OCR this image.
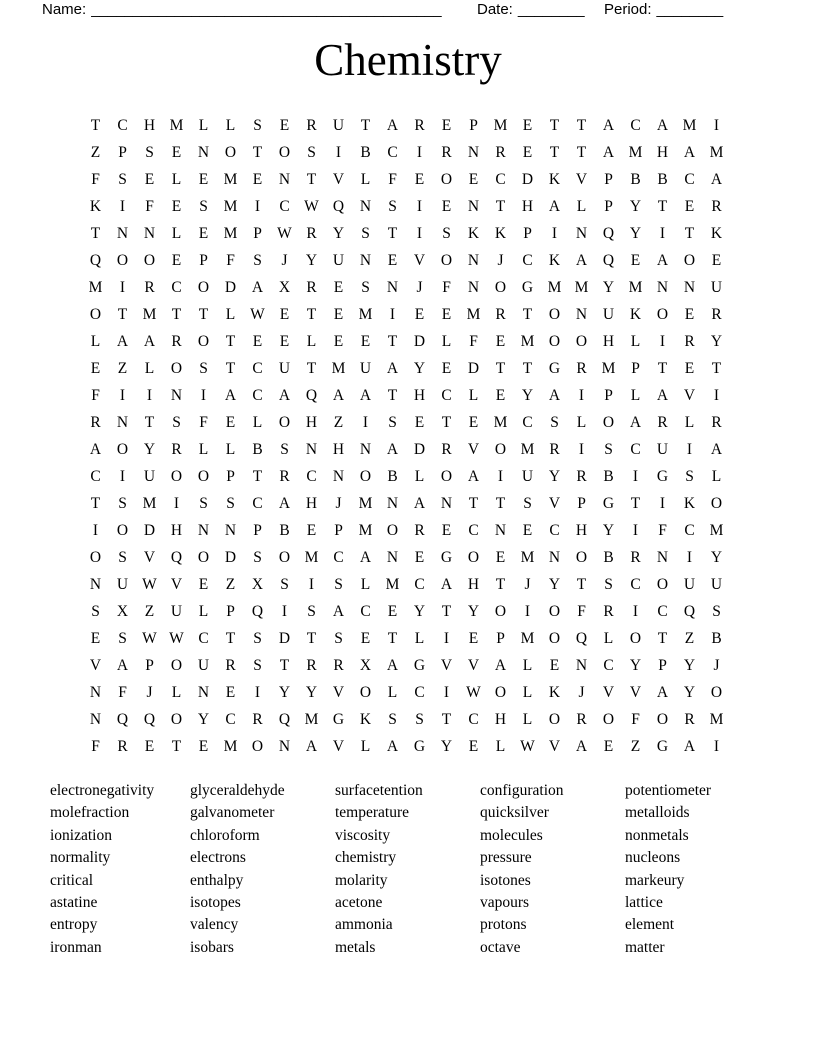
Name: __________________________________________ Date: ________ Period: ________
Chemistry
T	C	H M L	L	S	E	R	U	T	A	R	E	P	M E	T	T	A	C	A M	I
Z	P	S	E	N	O	T	O	S	I	B	C	I	R	N	R	E	T	T	A M H	A M
F	S	E	L	E M E	N	T	V	L	F	E	O	E	C	D	K	V	P	B	B	C	A
K	I	F	E	S	M	I	C W Q	N	S	I	E	N	T	H	A	L	P	Y	T	E	R
T	N	N	L	E M	P W R	Y	S	T	I	S	K	K	P	I	N	Q	Y	I	T	K
Q	O	O	E	P	F	S	J	Y	U	N	E	V	O	N	J	C	K	A	Q	E	A	O	E
M	I	R	C	O	D	A	X	R	E	S	N	J	F	N	O	G M M Y M N	N	U
O	T M T	T	L W E	T	E M	I	E	E M R	T	O	N	U	K	O	E	R
L	A	A	R	O	T	E	E	L	E	E	T	D	L	F	E M O	O	H	L	I	R	Y
E	Z	L	O	S	T	C	U	T M U	A	Y	E	D	T	T	G	R M	P	T	E	T
F	I	I	N	I	A	C	A	Q	A	A	T	H	C	L	E	Y	A	I	P	L	A	V	I
R	N	T	S	F	E	L	O	H	Z	I	S	E	T	E M C	S	L	O	A	R	L	R
A	O	Y	R	L	L	B	S	N	H	N	A	D	R	V	O M R	I	S	C	U	I	A
C	I	U	O	O	P	T	R	C	N	O	B	L	O	A	I	U	Y	R	B	I	G	S	L
T	S	M	I	S	S	C	A	H	J	M N	A	N	T	T	S	V	P	G	T	I	K	O
I	O	D	H	N	N	P	B	E	P	M O	R	E	C	N	E	C	H	Y	I	F	C M
O	S	V	Q	O	D	S	O M C	A	N	E	G	O	E M N	O	B	R	N	I	Y
N	U W V	E	Z	X	S	I	S	L M C	A	H	T	J	Y	T	S	C	O	U	U
S	X	Z	U	L	P	Q	I	S	A	C	E	Y	T	Y	O	I	O	F	R	I	C	Q	S
E	S W W C	T	S	D	T	S	E	T	L	I	E	P	M O	Q	L	O	T	Z	B
V	A	P	O	U	R	S	T	R	R	X	A	G	V	V	A	L	E	N	C	Y	P	Y	J
N	F	J	L	N	E	I	Y	Y	V	O	L	C	I	W O	L	K	J	V	V	A	Y	O
N	Q	Q	O	Y	C	R	Q M G	K	S	S	T	C	H	L	O	R	O	F	O	R M
F	R	E	T	E M O	N	A	V	L	A	G	Y	E	L W V	A	E	Z	G	A	I
electronegativity
molefraction
ionization
normality
critical
astatine
entropy
ironman
glyceraldehyde
galvanometer
chloroform
electrons
enthalpy
isotopes
valency
isobars
surfacetention
temperature
viscosity
chemistry
molarity
acetone
ammonia
metals
configuration
quicksilver
molecules
pressure
isotones
vapours
protons
octave
potentiometer
metalloids
nonmetals
nucleons
markeury
lattice
element
matter
